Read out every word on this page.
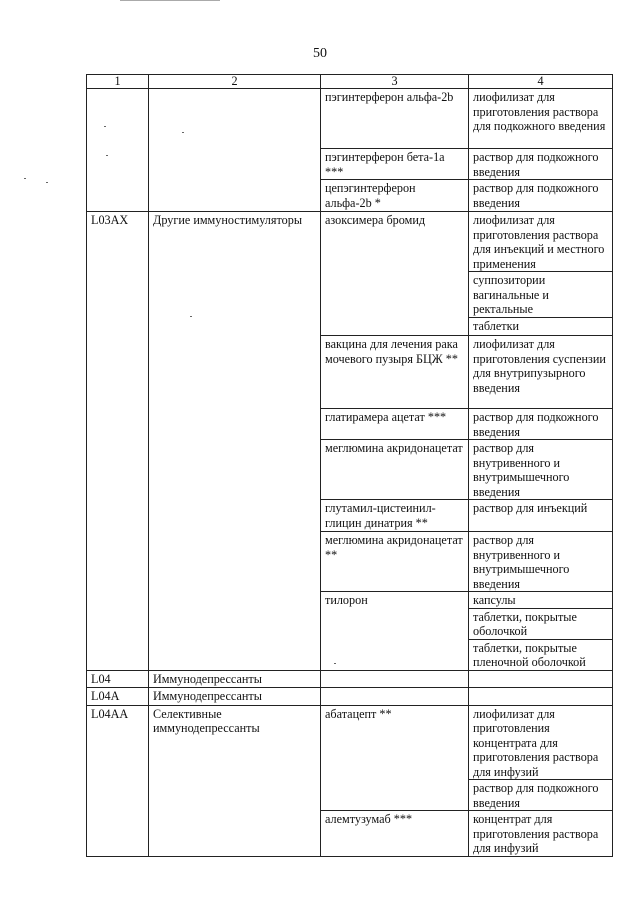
50
1	2	3	4
		пэгинтерферон альфа-2b	лиофилизат для приготовления раствора для подкожного введения
		пэгинтерферон бета-1а ***	раствор для подкожного введения
		цепэгинтерферон альфа-2b *	раствор для подкожного введения
L03AX	Другие иммуностимуляторы	азоксимера бромид	лиофилизат для приготовления раствора для инъекций и местного применения
			суппозитории вагинальные и ректальные
			таблетки
		вакцина для лечения рака мочевого пузыря БЦЖ **	лиофилизат для приготовления суспензии для внутрипузырного введения
		глатирамера ацетат ***	раствор для подкожного введения
		меглюмина акридонацетат	раствор для внутривенного и внутримышечного введения
		глутамил-цистеинил-глицин динатрия **	раствор для инъекций
		меглюмина акридонацетат **	раствор для внутривенного и внутримышечного введения
		тилорон	капсулы
			таблетки, покрытые оболочкой
			таблетки, покрытые пленочной оболочкой
L04	Иммунодепрессанты		
L04A	Иммунодепрессанты		
L04AA	Селективные иммунодепрессанты	абатацепт **	лиофилизат для приготовления концентрата для приготовления раствора для инфузий
			раствор для подкожного введения
		алемтузумаб ***	концентрат для приготовления раствора для инфузий
